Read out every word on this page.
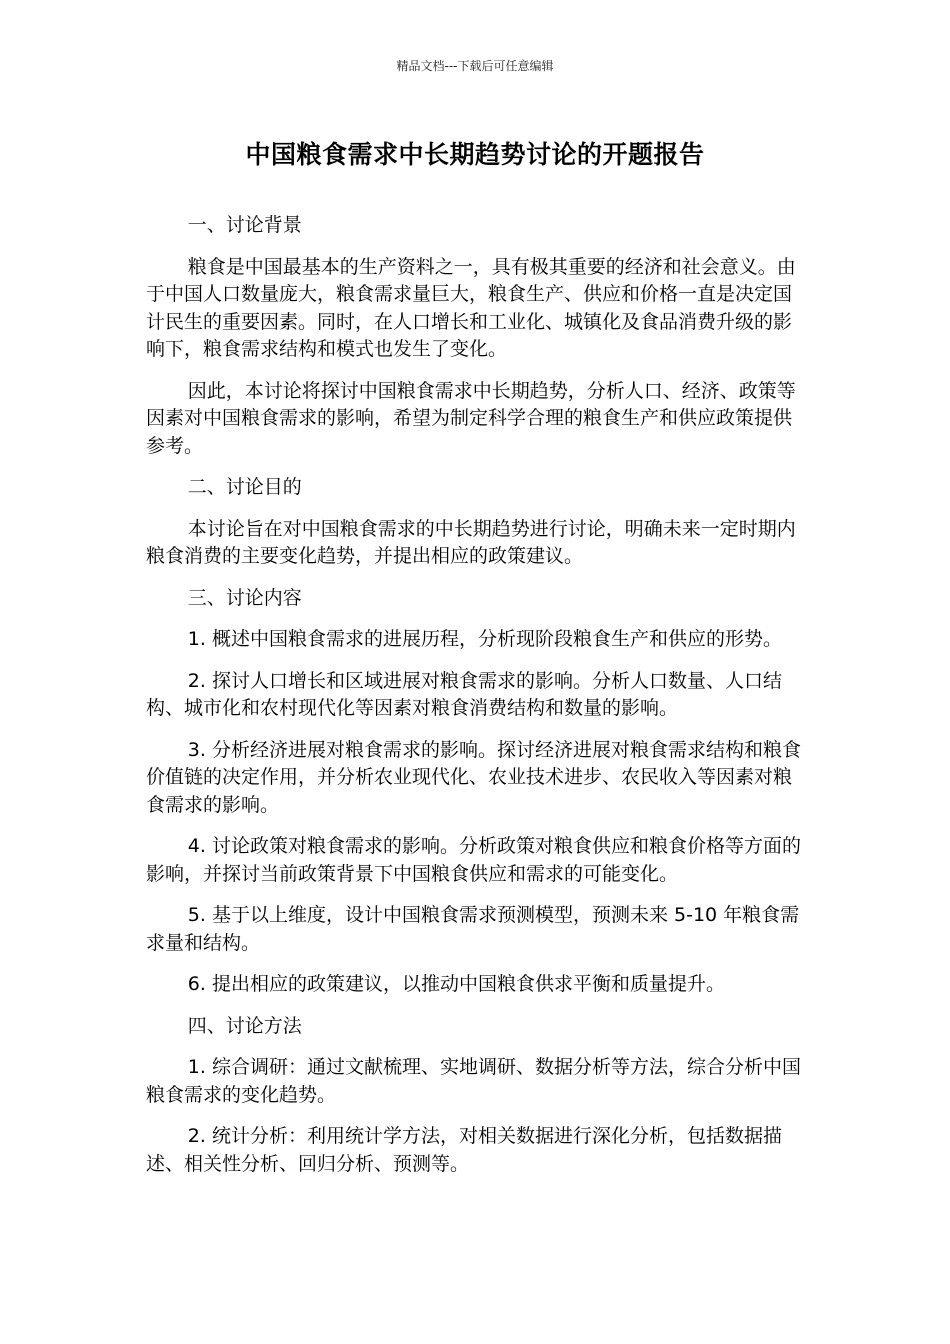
精品文档---下载后可任意编辑
中国粮食需求中长期趋势讨论的开题报告

一、讨论背景

粮食是中国最基本的生产资料之一，具有极其重要的经济和社会意义。由于中国人口数量庞大，粮食需求量巨大，粮食生产、供应和价格一直是决定国计民生的重要因素。同时，在人口增长和工业化、城镇化及食品消费升级的影响下，粮食需求结构和模式也发生了变化。

因此，本讨论将探讨中国粮食需求中长期趋势，分析人口、经济、政策等因素对中国粮食需求的影响，希望为制定科学合理的粮食生产和供应政策提供参考。

二、讨论目的

本讨论旨在对中国粮食需求的中长期趋势进行讨论，明确未来一定时期内粮食消费的主要变化趋势，并提出相应的政策建议。

三、讨论内容

1. 概述中国粮食需求的进展历程，分析现阶段粮食生产和供应的形势。

2. 探讨人口增长和区域进展对粮食需求的影响。分析人口数量、人口结构、城市化和农村现代化等因素对粮食消费结构和数量的影响。

3. 分析经济进展对粮食需求的影响。探讨经济进展对粮食需求结构和粮食价值链的决定作用，并分析农业现代化、农业技术进步、农民收入等因素对粮食需求的影响。

4. 讨论政策对粮食需求的影响。分析政策对粮食供应和粮食价格等方面的影响，并探讨当前政策背景下中国粮食供应和需求的可能变化。

5. 基于以上维度，设计中国粮食需求预测模型，预测未来 5-10 年粮食需求量和结构。

6. 提出相应的政策建议，以推动中国粮食供求平衡和质量提升。

四、讨论方法

1. 综合调研：通过文献梳理、实地调研、数据分析等方法，综合分析中国粮食需求的变化趋势。

2. 统计分析：利用统计学方法，对相关数据进行深化分析，包括数据描述、相关性分析、回归分析、预测等。
